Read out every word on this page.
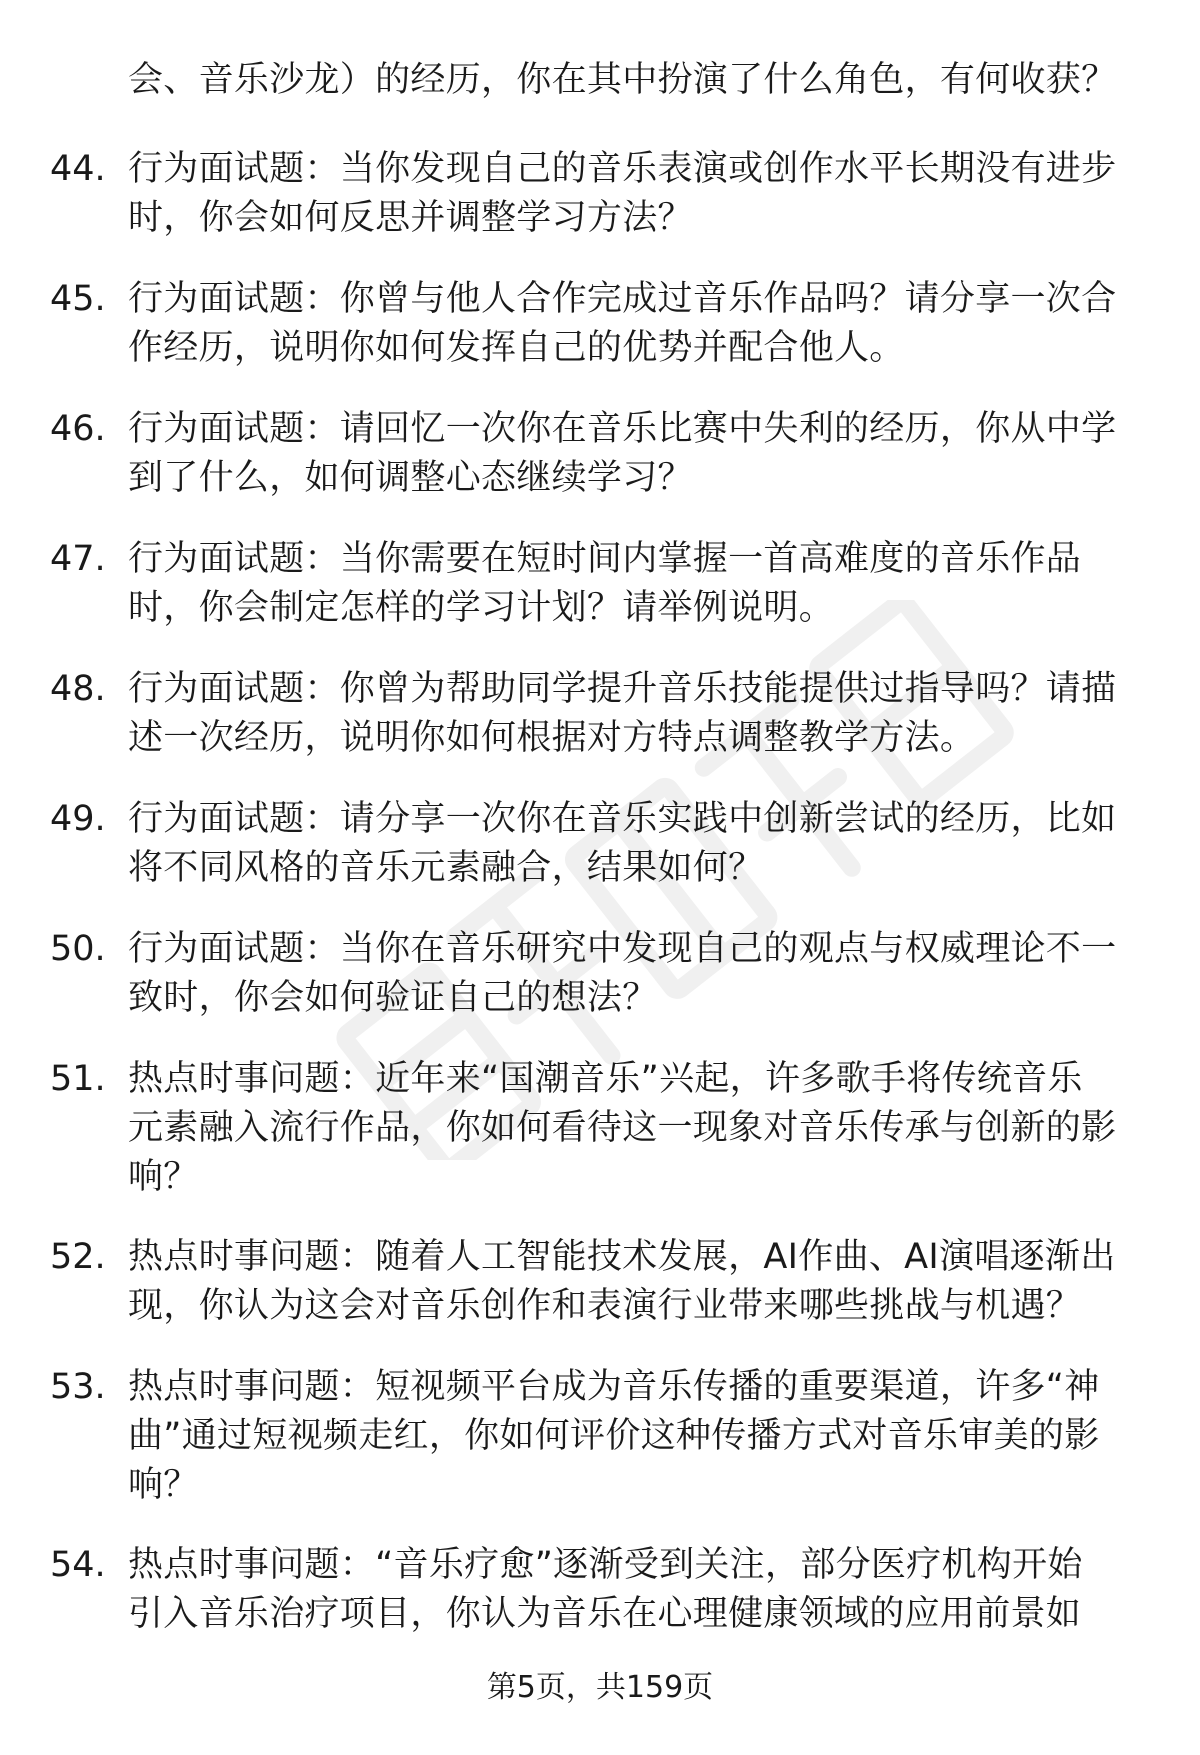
会、音乐沙龙）的经历，你在其中扮演了什么角色，有何收获？
44. 行为面试题：当你发现自己的音乐表演或创作水平长期没有进步
时，你会如何反思并调整学习方法？
45. 行为面试题：你曾与他人合作完成过音乐作品吗？请分享一次合
作经历，说明你如何发挥自己的优势并配合他人。
46. 行为面试题：请回忆一次你在音乐比赛中失利的经历，你从中学
到了什么，如何调整心态继续学习？
47. 行为面试题：当你需要在短时间内掌握一首高难度的音乐作品
时，你会制定怎样的学习计划？请举例说明。
48. 行为面试题：你曾为帮助同学提升音乐技能提供过指导吗？请描
述一次经历，说明你如何根据对方特点调整教学方法。
49. 行为面试题：请分享一次你在音乐实践中创新尝试的经历，比如
将不同风格的音乐元素融合，结果如何？
50. 行为面试题：当你在音乐研究中发现自己的观点与权威理论不一
致时，你会如何验证自己的想法？
51. 热点时事问题：近年来“国潮音乐”兴起，许多歌手将传统音乐
元素融入流行作品，你如何看待这一现象对音乐传承与创新的影
响？
52. 热点时事问题：随着人工智能技术发展，AI作曲、AI演唱逐渐出
现，你认为这会对音乐创作和表演行业带来哪些挑战与机遇？
53. 热点时事问题：短视频平台成为音乐传播的重要渠道，许多“神
曲”通过短视频走红，你如何评价这种传播方式对音乐审美的影
响？
54. 热点时事问题：“音乐疗愈”逐渐受到关注，部分医疗机构开始
引入音乐治疗项目，你认为音乐在心理健康领域的应用前景如
第5页，共159页
